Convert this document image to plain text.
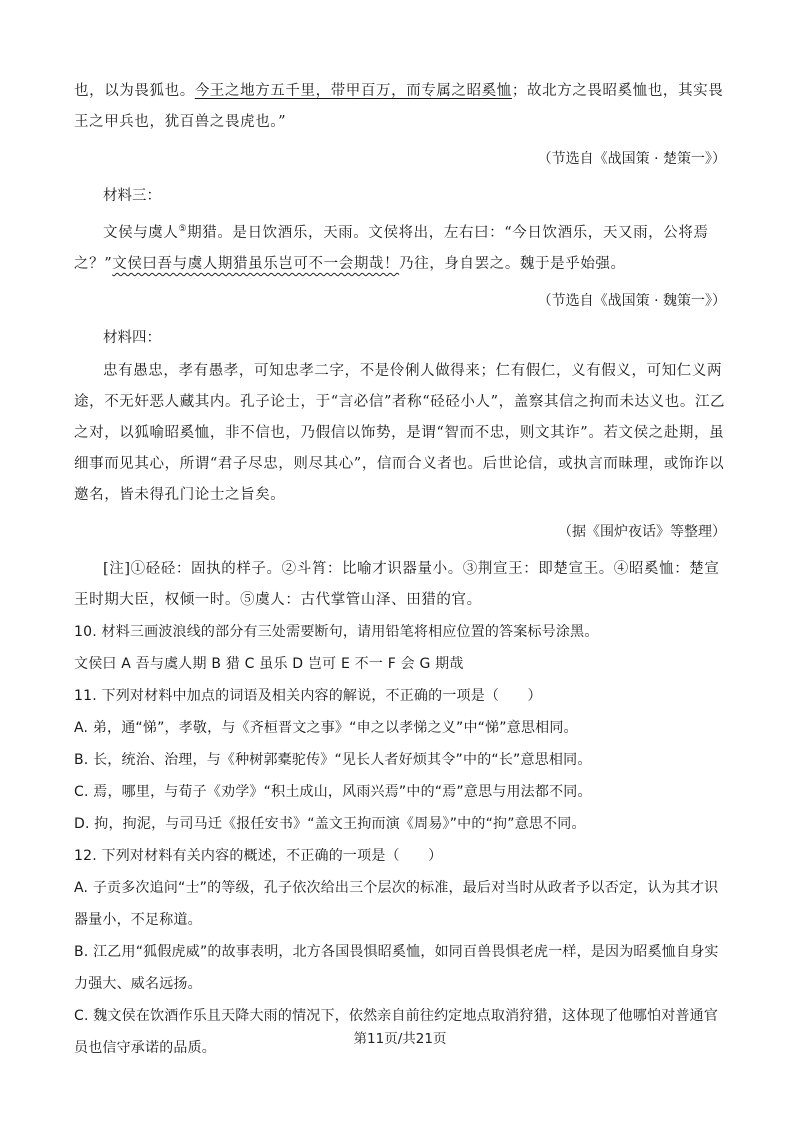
也，以为畏狐也。今王之地方五千里，带甲百万，而专属之昭奚恤；故北方之畏昭奚恤也，其实畏王之甲兵也，犹百兽之畏虎也。”

（节选自《战国策 · 楚策一》）

材料三：

文侯与虞人⑤期猎。是日饮酒乐，天雨。文侯将出，左右曰：“今日饮酒乐，天又雨，公将焉之？”文侯曰吾与虞人期猎虽乐岂可不一会期哉！乃往，身自罢之。魏于是乎始强。

（节选自《战国策 · 魏策一》）

材料四：

忠有愚忠，孝有愚孝，可知忠孝二字，不是伶俐人做得来；仁有假仁，义有假义，可知仁义两途，不无奸恶人藏其内。孔子论士，于“言必信”者称“硁硁小人”，盖察其信之拘而未达义也。江乙之对，以狐喻昭奚恤，非不信也，乃假信以饰势，是谓“智而不忠，则文其诈”。若文侯之赴期，虽细事而见其心，所谓“君子尽忠，则尽其心”，信而合义者也。后世论信，或执言而昧理，或饰诈以邀名，皆未得孔门论士之旨矣。

（据《围炉夜话》等整理）

[注]①硁硁：固执的样子。②斗筲：比喻才识器量小。③荆宣王：即楚宣王。④昭奚恤：楚宣王时期大臣，权倾一时。⑤虞人：古代掌管山泽、田猎的官。

10. 材料三画波浪线的部分有三处需要断句，请用铅笔将相应位置的答案标号涂黑。

文侯曰 A 吾与虞人期 B 猎 C 虽乐 D 岂可 E 不一 F 会 G 期哉

11. 下列对材料中加点的词语及相关内容的解说，不正确的一项是（　　）

A. 弟，通“悌”，孝敬，与《齐桓晋文之事》“申之以孝悌之义”中“悌”意思相同。

B. 长，统治、治理，与《种树郭橐驼传》“见长人者好烦其令”中的“长”意思相同。

C. 焉，哪里，与荀子《劝学》“积土成山，风雨兴焉”中的“焉”意思与用法都不同。

D. 拘，拘泥，与司马迁《报任安书》“盖文王拘而演《周易》”中的“拘”意思不同。

12. 下列对材料有关内容的概述，不正确的一项是（　　）

A. 子贡多次追问“士”的等级，孔子依次给出三个层次的标准，最后对当时从政者予以否定，认为其才识器量小，不足称道。

B. 江乙用“狐假虎威”的故事表明，北方各国畏惧昭奚恤，如同百兽畏惧老虎一样，是因为昭奚恤自身实力强大、威名远扬。

C. 魏文侯在饮酒作乐且天降大雨的情况下，依然亲自前往约定地点取消狩猎，这体现了他哪怕对普通官员也信守承诺的品质。

第11页/共21页
